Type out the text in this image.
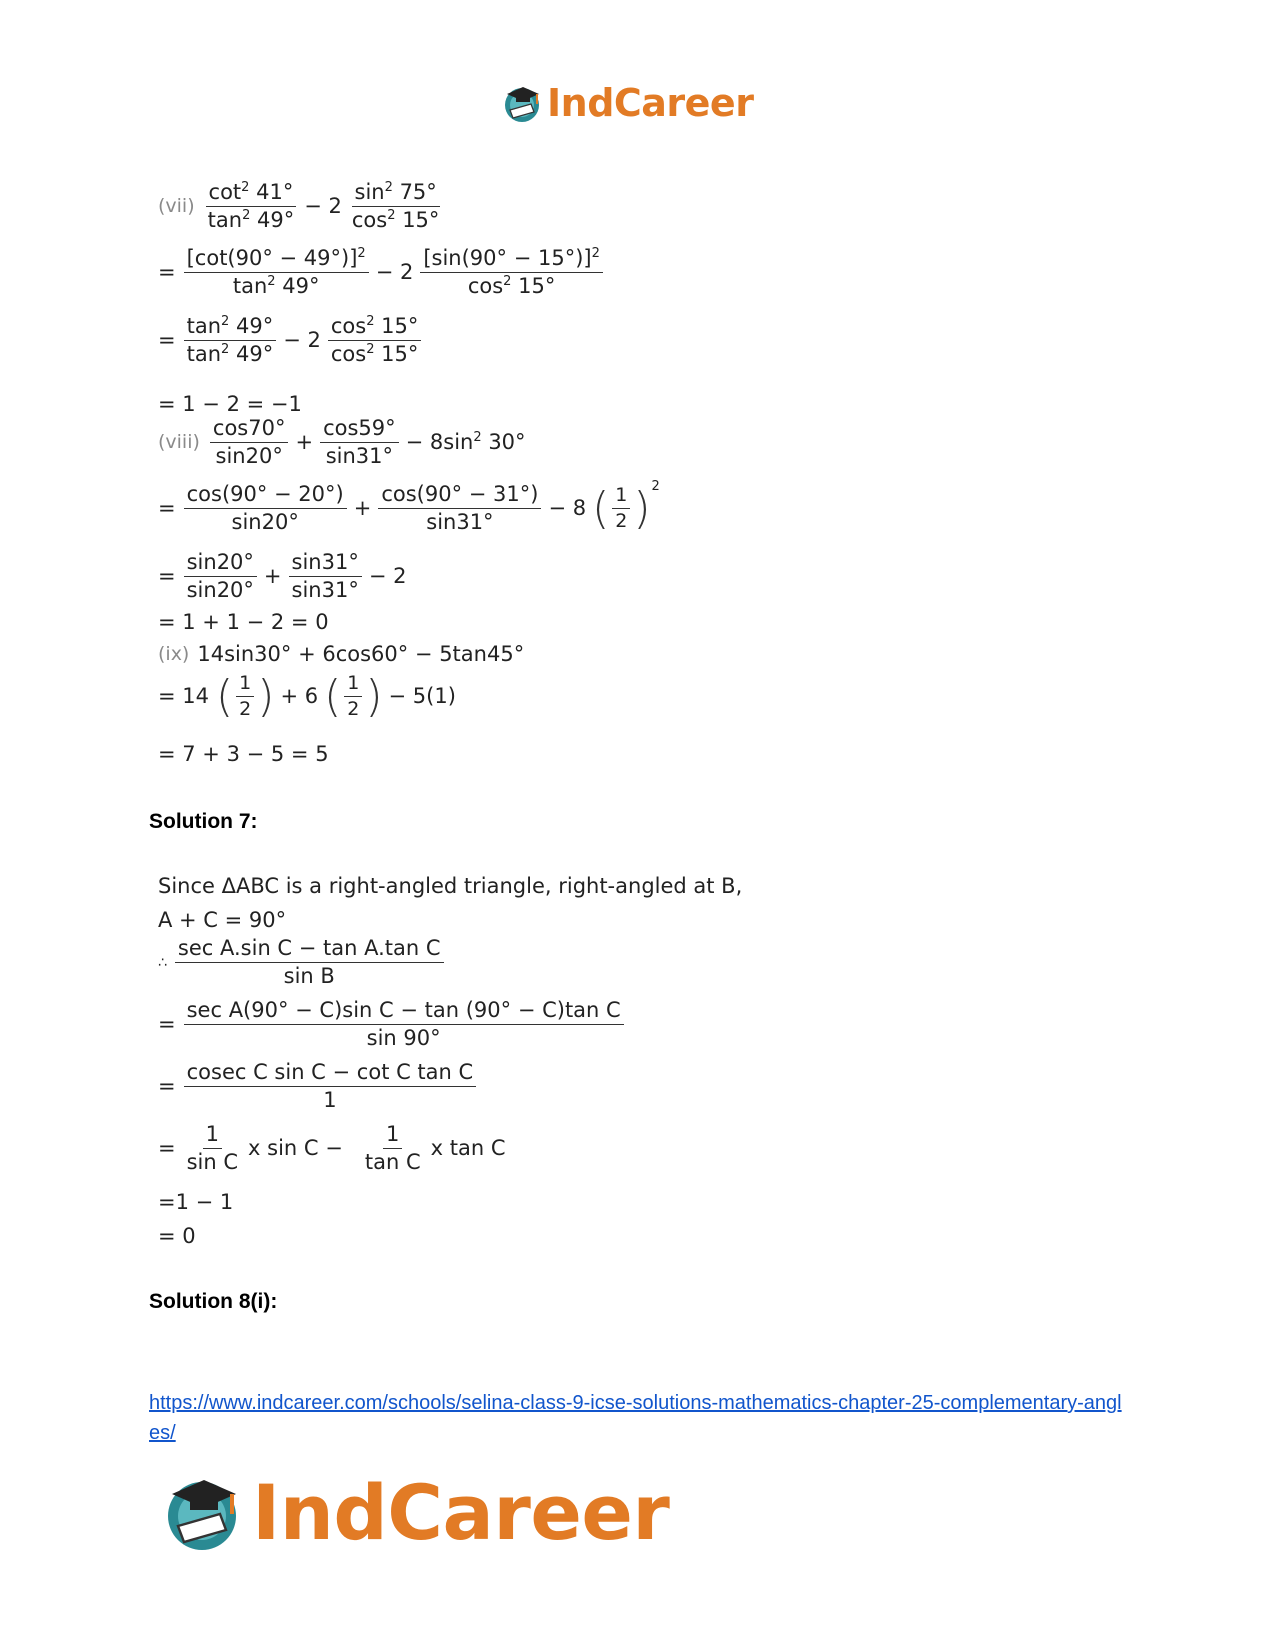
IndCareer
$(vii) \frac{\cot^2 41^\circ}{\tan^2 49^\circ} - 2 \frac{\sin^2 75^\circ}{\cos^2 15^\circ}$
= $\frac{[\cot(90^\circ - 49^\circ)]^2}{\tan^2 49^\circ} - 2 \frac{[\sin(90^\circ - 15^\circ)]^2}{\cos^2 15^\circ}$
= $\frac{\tan^2 49^\circ}{\tan^2 49^\circ} - 2 \frac{\cos^2 15^\circ}{\cos^2 15^\circ}$
= 1 − 2 = −1
(viii) $\frac{\cos 70^\circ}{\sin 20^\circ} + \frac{\cos 59^\circ}{\sin 31^\circ} - 8\sin^2$ 30°
= $\frac{\cos(90^\circ - 20^\circ)}{\sin 20^\circ} + \frac{\cos(90^\circ - 31^\circ)}{\sin 31^\circ} - 8$ ( $\frac{1}{2}$ ) 2
= $\frac{\sin 20^\circ}{\sin 20^\circ} + \frac{\sin 31^\circ}{\sin 31^\circ} - 2$
= 1 + 1 − 2 = 0
(ix) 14sin30° + 6cos60° − 5tan45°
= 14 ( $\frac{1}{2}$ ) + 6 ( $\frac{1}{2}$ ) − 5(1)
= 7 + 3 − 5 = 5
Solution 7:
Since ΔABC is a right-angled triangle, right-angled at B,
A + C = 90°
∴ $\frac{\text{sec A.sin C − tan A.tan C}}{\text{sin B}}$
= $\frac{\text{sec A(90° − C)sin C − tan (90° − C)tan C}}{\sin 90^\circ}$
= $\frac{\text{cosec C sin C − cot C tan C}}{1}$
= $\frac{1}{\text{sin C}}$ x $\sin C - \frac{1}{\text{tan C}}$ x tan C
=1 − 1
= 0
Solution 8(i):
https://www.indcareer.com/schools/selina-class-9-icse-solutions-mathematics-chapter-25-complementary-angles/
IndCareer
